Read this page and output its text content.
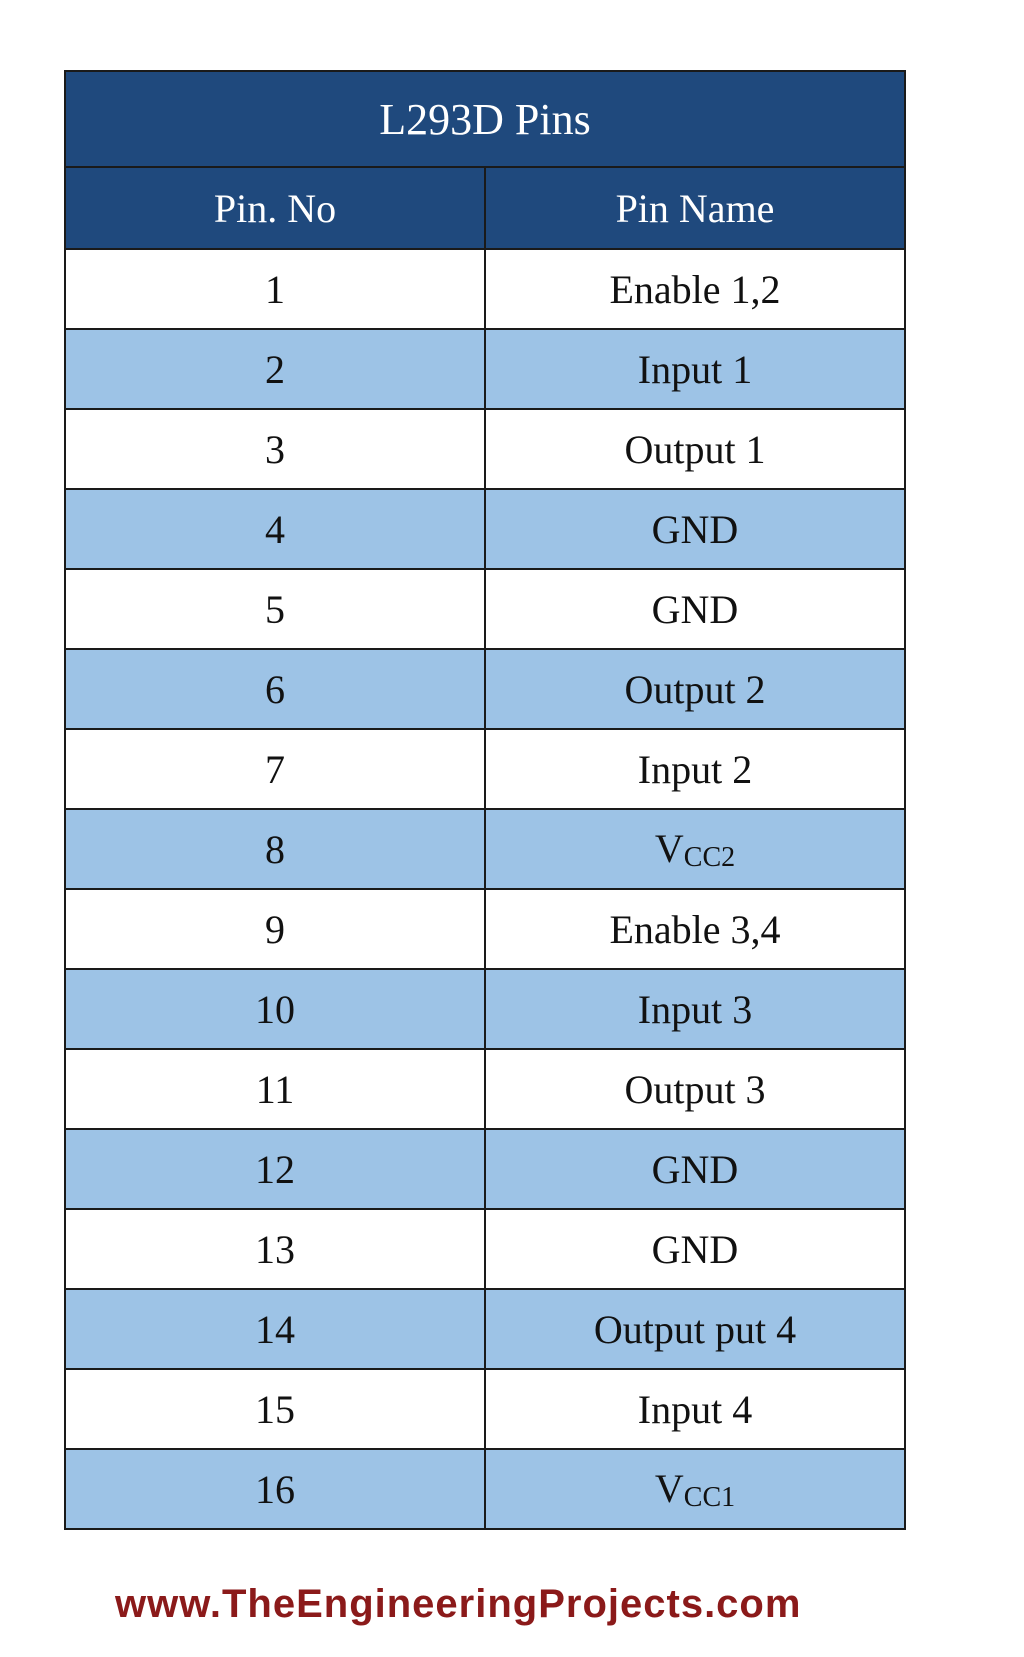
L293D Pins	
Pin. No	Pin Name
1	Enable 1,2
2	Input 1
3	Output 1
4	GND
5	GND
6	Output 2
7	Input 2
8	VCC2
9	Enable 3,4
10	Input 3
11	Output 3
12	GND
13	GND
14	Output put 4
15	Input 4
16	VCC1
www.TheEngineeringProjects.com
